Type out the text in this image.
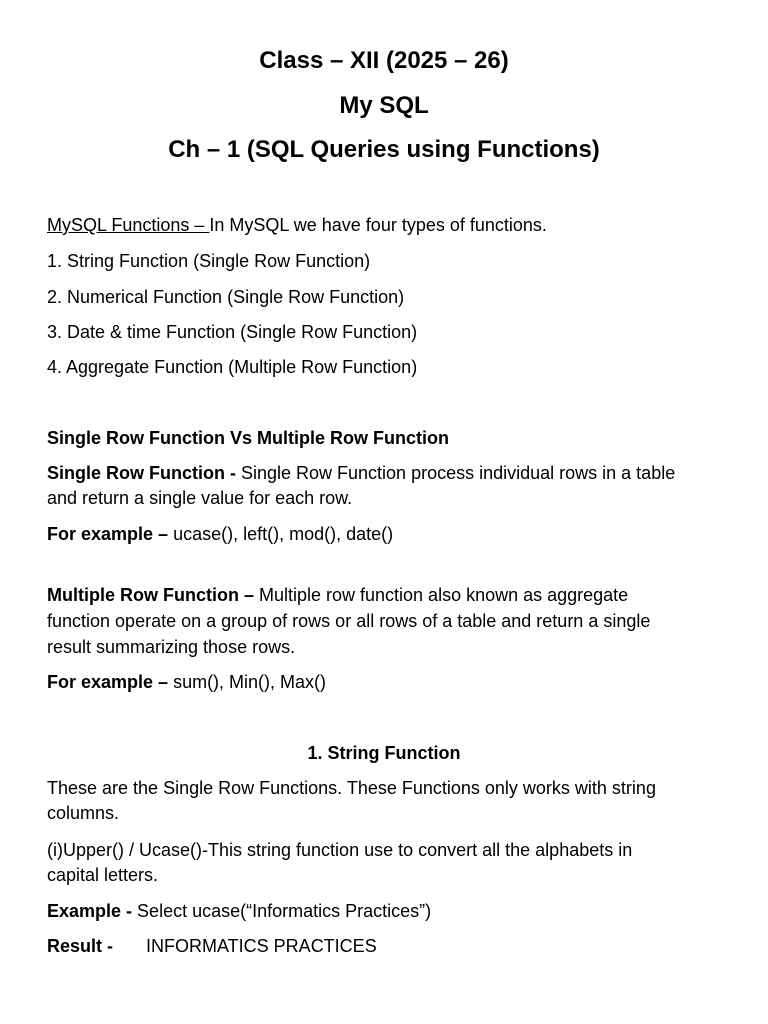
Class – XII (2025 – 26)
My SQL
Ch – 1 (SQL Queries using Functions)
MySQL Functions – In MySQL we have four types of functions.
1. String Function (Single Row Function)
2. Numerical Function (Single Row Function)
3. Date & time Function (Single Row Function)
4. Aggregate Function (Multiple Row Function)
Single Row Function Vs Multiple Row Function
Single Row Function - Single Row Function process individual rows in a table
and return a single value for each row.
For example – ucase(), left(), mod(), date()
Multiple Row Function – Multiple row function also known as aggregate
function operate on a group of rows or all rows of a table and return a single
result summarizing those rows.
For example – sum(), Min(), Max()
1. String Function
These are the Single Row Functions. These Functions only works with string
columns.
(i)Upper() / Ucase()-This string function use to convert all the alphabets in
capital letters.
Example - Select ucase(“Informatics Practices”)
Result - INFORMATICS PRACTICES
